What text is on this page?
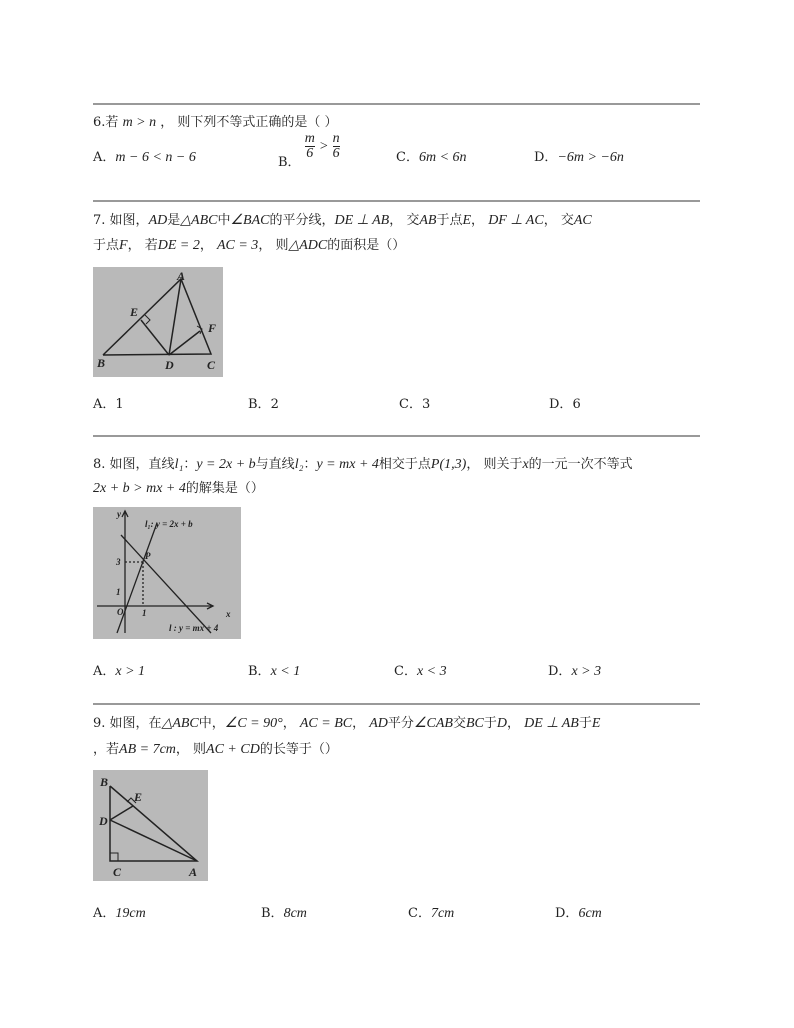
6.若 m > n ， 则下列不等式正确的是（ ）
A．m − 6 < n − 6	B．
$\frac{m}{6} > \frac{n}{6}$	C．6m < 6n	D．−6m > −6n
7. 如图，AD是△ABC中∠BAC的平分线，DE ⊥ AB， 交AB于点E， DF ⊥ AC， 交AC
于点F， 若DE = 2， AC = 3， 则△ADC的面积是（）
A
E
F
B	D	C
A．1	B．2	C．3	D．6
8. 如图，直线l₁：y = 2x + b与直线l₂：y = mx + 4相交于点P(1,3)， 则关于x的一元一次不等式
2x + b > mx + 4的解集是（）
y
x
O
P
3
1
1
l₁: y = 2x + b
l : y = mx + 4
A．x > 1	B．x < 1	C．x < 3	D．x > 3
9. 如图，在△ABC中，∠C = 90°， AC = BC， AD平分∠CAB交BC于D， DE ⊥ AB于E
，若AB = 7cm， 则AC + CD的长等于（）
B
E
D
C	A
A．19cm	B．8cm	C．7cm	D．6cm
